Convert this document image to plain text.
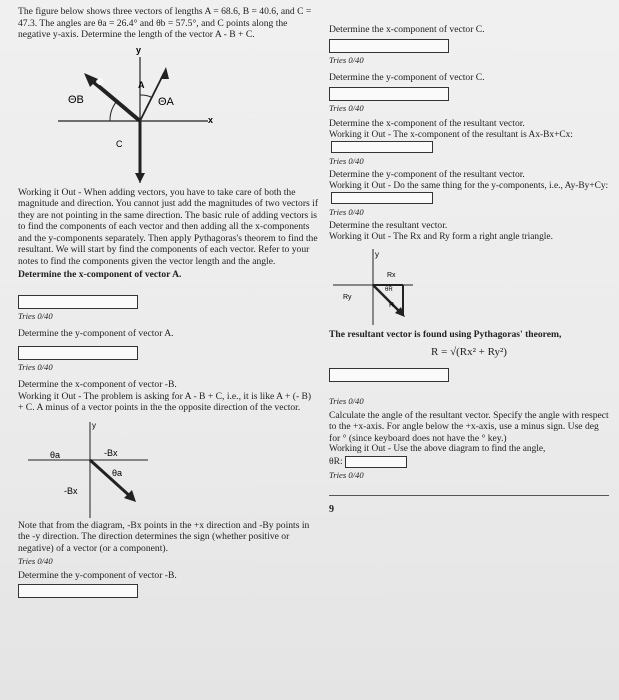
The figure below shows three vectors of lengths A = 68.6, B = 40.6, and C = 47.3. The angles are θa = 26.4° and θb = 57.5°, and C points along the negative y-axis. Determine the length of the vector A - B + C.

y
x
B	A
ΘB	ΘA
C

Working it Out - When adding vectors, you have to take care of both the magnitude and direction. You cannot just add the magnitudes of two vectors if they are not pointing in the same direction. The basic rule of adding vectors is to find the components of each vector and then adding all the x-components and the y-components separately. Then apply Pythagoras's theorem to find the resultant. We will start by find the components of each vector. Refer to your notes to find the components given the vector length and the angle.

Determine the x-component of vector A.

Tries 0/40

Determine the y-component of vector A.

Tries 0/40

Determine the x-component of vector -B.

Working it Out - The problem is asking for A - B + C, i.e., it is like A + (- B) + C. A minus of a vector points in the the opposite direction of the vector.

y
θa	-Bx
-Bx
θa

Note that from the diagram, -Bx points in the +x direction and -By points in the -y direction. The direction determines the sign (whether positive or negative) of a vector (or a component).

Tries 0/40

Determine the y-component of vector -B.

Determine the x-component of vector C.

Tries 0/40

Determine the y-component of vector C.

Tries 0/40

Determine the x-component of the resultant vector.

Working it Out - The x-component of the resultant is Ax-Bx+Cx:

Tries 0/40

Determine the y-component of the resultant vector.

Working it Out - Do the same thing for the y-components, i.e., Ay-By+Cy:

Tries 0/40

Determine the resultant vector.

Working it Out - The Rx and Ry form a right angle triangle.

y
Rx
Ry
R
θR

The resultant vector is found using Pythagoras' theorem,

R = √(Rx² + Ry²)

Tries 0/40

Calculate the angle of the resultant vector. Specify the angle with respect to the +x-axis. For angle below the +x-axis, use a minus sign. Use deg for ° (since keyboard does not have the ° key.)

Working it Out - Use the above diagram to find the angle,

θR:

Tries 0/40

9
